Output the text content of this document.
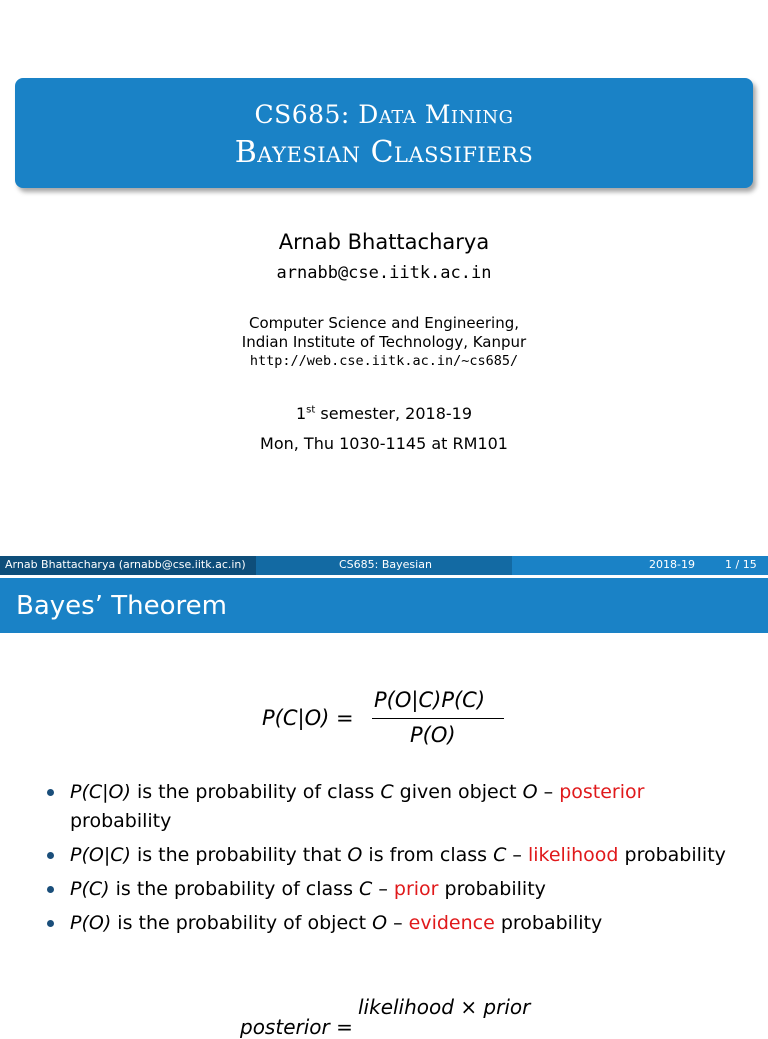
CS685: Data Mining
Bayesian Classifiers
Arnab Bhattacharya
arnabb@cse.iitk.ac.in
Computer Science and Engineering,
Indian Institute of Technology, Kanpur
http://web.cse.iitk.ac.in/~cs685/
1st semester, 2018-19
Mon, Thu 1030-1145 at RM101
Arnab Bhattacharya (arnabb@cse.iitk.ac.in)	CS685: Bayesian	2018-19	1 / 15
Bayes’ Theorem
P(C|O) =
P(O|C)P(C)
P(O)
P(C|O) is the probability of class C given object O – posterior probability
P(O|C) is the probability that O is from class C – likelihood probability
P(C) is the probability of class C – prior probability
P(O) is the probability of object O – evidence probability
likelihood × prior
posterior =
